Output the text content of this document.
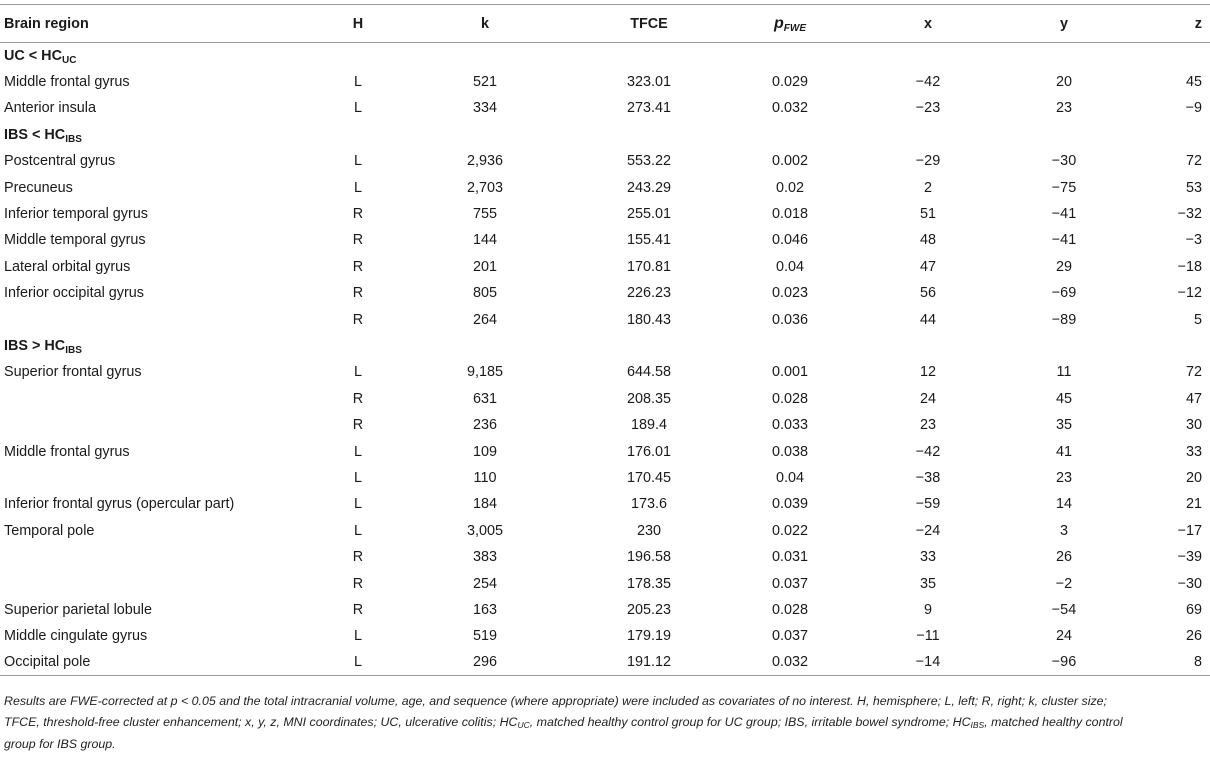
Brain region	H	k	TFCE	$p_{FWE}$	x	y	z
UC < $HC_{UC}$
Middle frontal gyrus	L	521	323.01	0.029	−42	20	45
Anterior insula	L	334	273.41	0.032	−23	23	−9
IBS < $HC_{IBS}$
Postcentral gyrus	L	2,936	553.22	0.002	−29	−30	72
Precuneus	L	2,703	243.29	0.02	2	−75	53
Inferior temporal gyrus	R	755	255.01	0.018	51	−41	−32
Middle temporal gyrus	R	144	155.41	0.046	48	−41	−3
Lateral orbital gyrus	R	201	170.81	0.04	47	29	−18
Inferior occipital gyrus	R	805	226.23	0.023	56	−69	−12
	R	264	180.43	0.036	44	−89	5
IBS > $HC_{IBS}$
Superior frontal gyrus	L	9,185	644.58	0.001	12	11	72
	R	631	208.35	0.028	24	45	47
	R	236	189.4	0.033	23	35	30
Middle frontal gyrus	L	109	176.01	0.038	−42	41	33
	L	110	170.45	0.04	−38	23	20
Inferior frontal gyrus (opercular part)	L	184	173.6	0.039	−59	14	21
Temporal pole	L	3,005	230	0.022	−24	3	−17
	R	383	196.58	0.031	33	26	−39
	R	254	178.35	0.037	35	−2	−30
Superior parietal lobule	R	163	205.23	0.028	9	−54	69
Middle cingulate gyrus	L	519	179.19	0.037	−11	24	26
Occipital pole	L	296	191.12	0.032	−14	−96	8
Results are FWE-corrected at p < 0.05 and the total intracranial volume, age, and sequence (where appropriate) were included as covariates of no interest. H, hemisphere; L, left; R, right; k, cluster size; TFCE, threshold-free cluster enhancement; x, y, z, MNI coordinates; UC, ulcerative colitis; HCUC, matched healthy control group for UC group; IBS, irritable bowel syndrome; HCIBS, matched healthy control group for IBS group.
